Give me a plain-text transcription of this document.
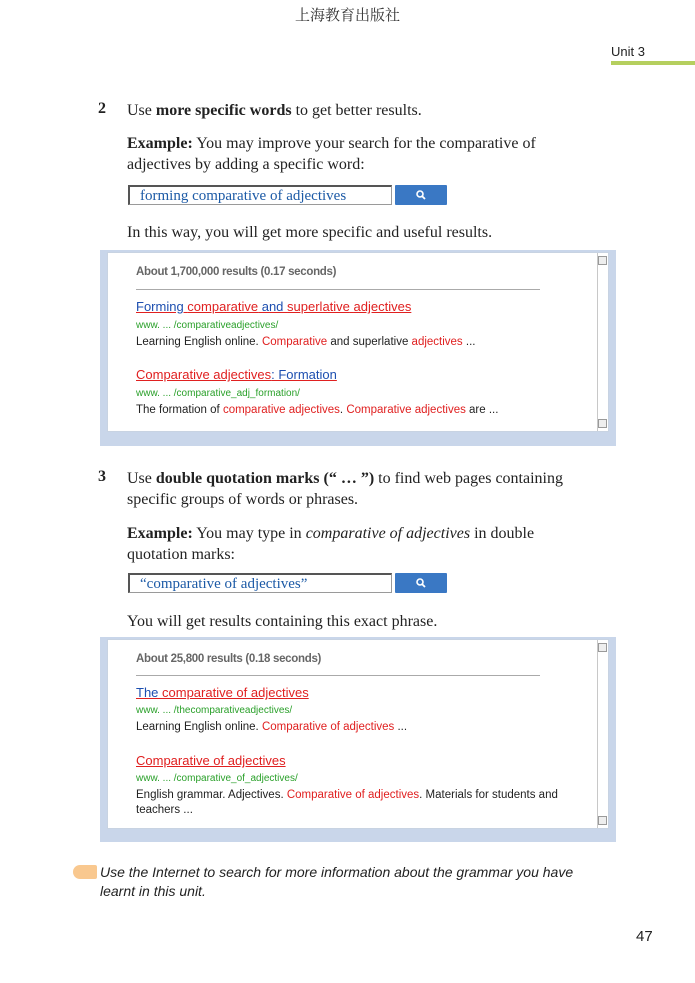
上海教育出版社
Unit 3
2 Use more specific words to get better results.
Example: You may improve your search for the comparative of adjectives by adding a specific word:
forming comparative of adjectives
In this way, you will get more specific and useful results.
About 1,700,000 results (0.17 seconds)
Forming comparative and superlative adjectives
www. ... /comparativeadjectives/
Learning English online. Comparative and superlative adjectives ...
Comparative adjectives: Formation
www. ... /comparative_adj_formation/
The formation of comparative adjectives. Comparative adjectives are ...
3 Use double quotation marks (“ … ”) to find web pages containing specific groups of words or phrases.
Example: You may type in comparative of adjectives in double quotation marks:
“comparative of adjectives”
You will get results containing this exact phrase.
About 25,800 results (0.18 seconds)
The comparative of adjectives
www. ... /thecomparativeadjectives/
Learning English online. Comparative of adjectives ...
Comparative of adjectives
www. ... /comparative_of_adjectives/
English grammar. Adjectives. Comparative of adjectives. Materials for students and teachers ...
Use the Internet to search for more information about the grammar you have learnt in this unit.
47
